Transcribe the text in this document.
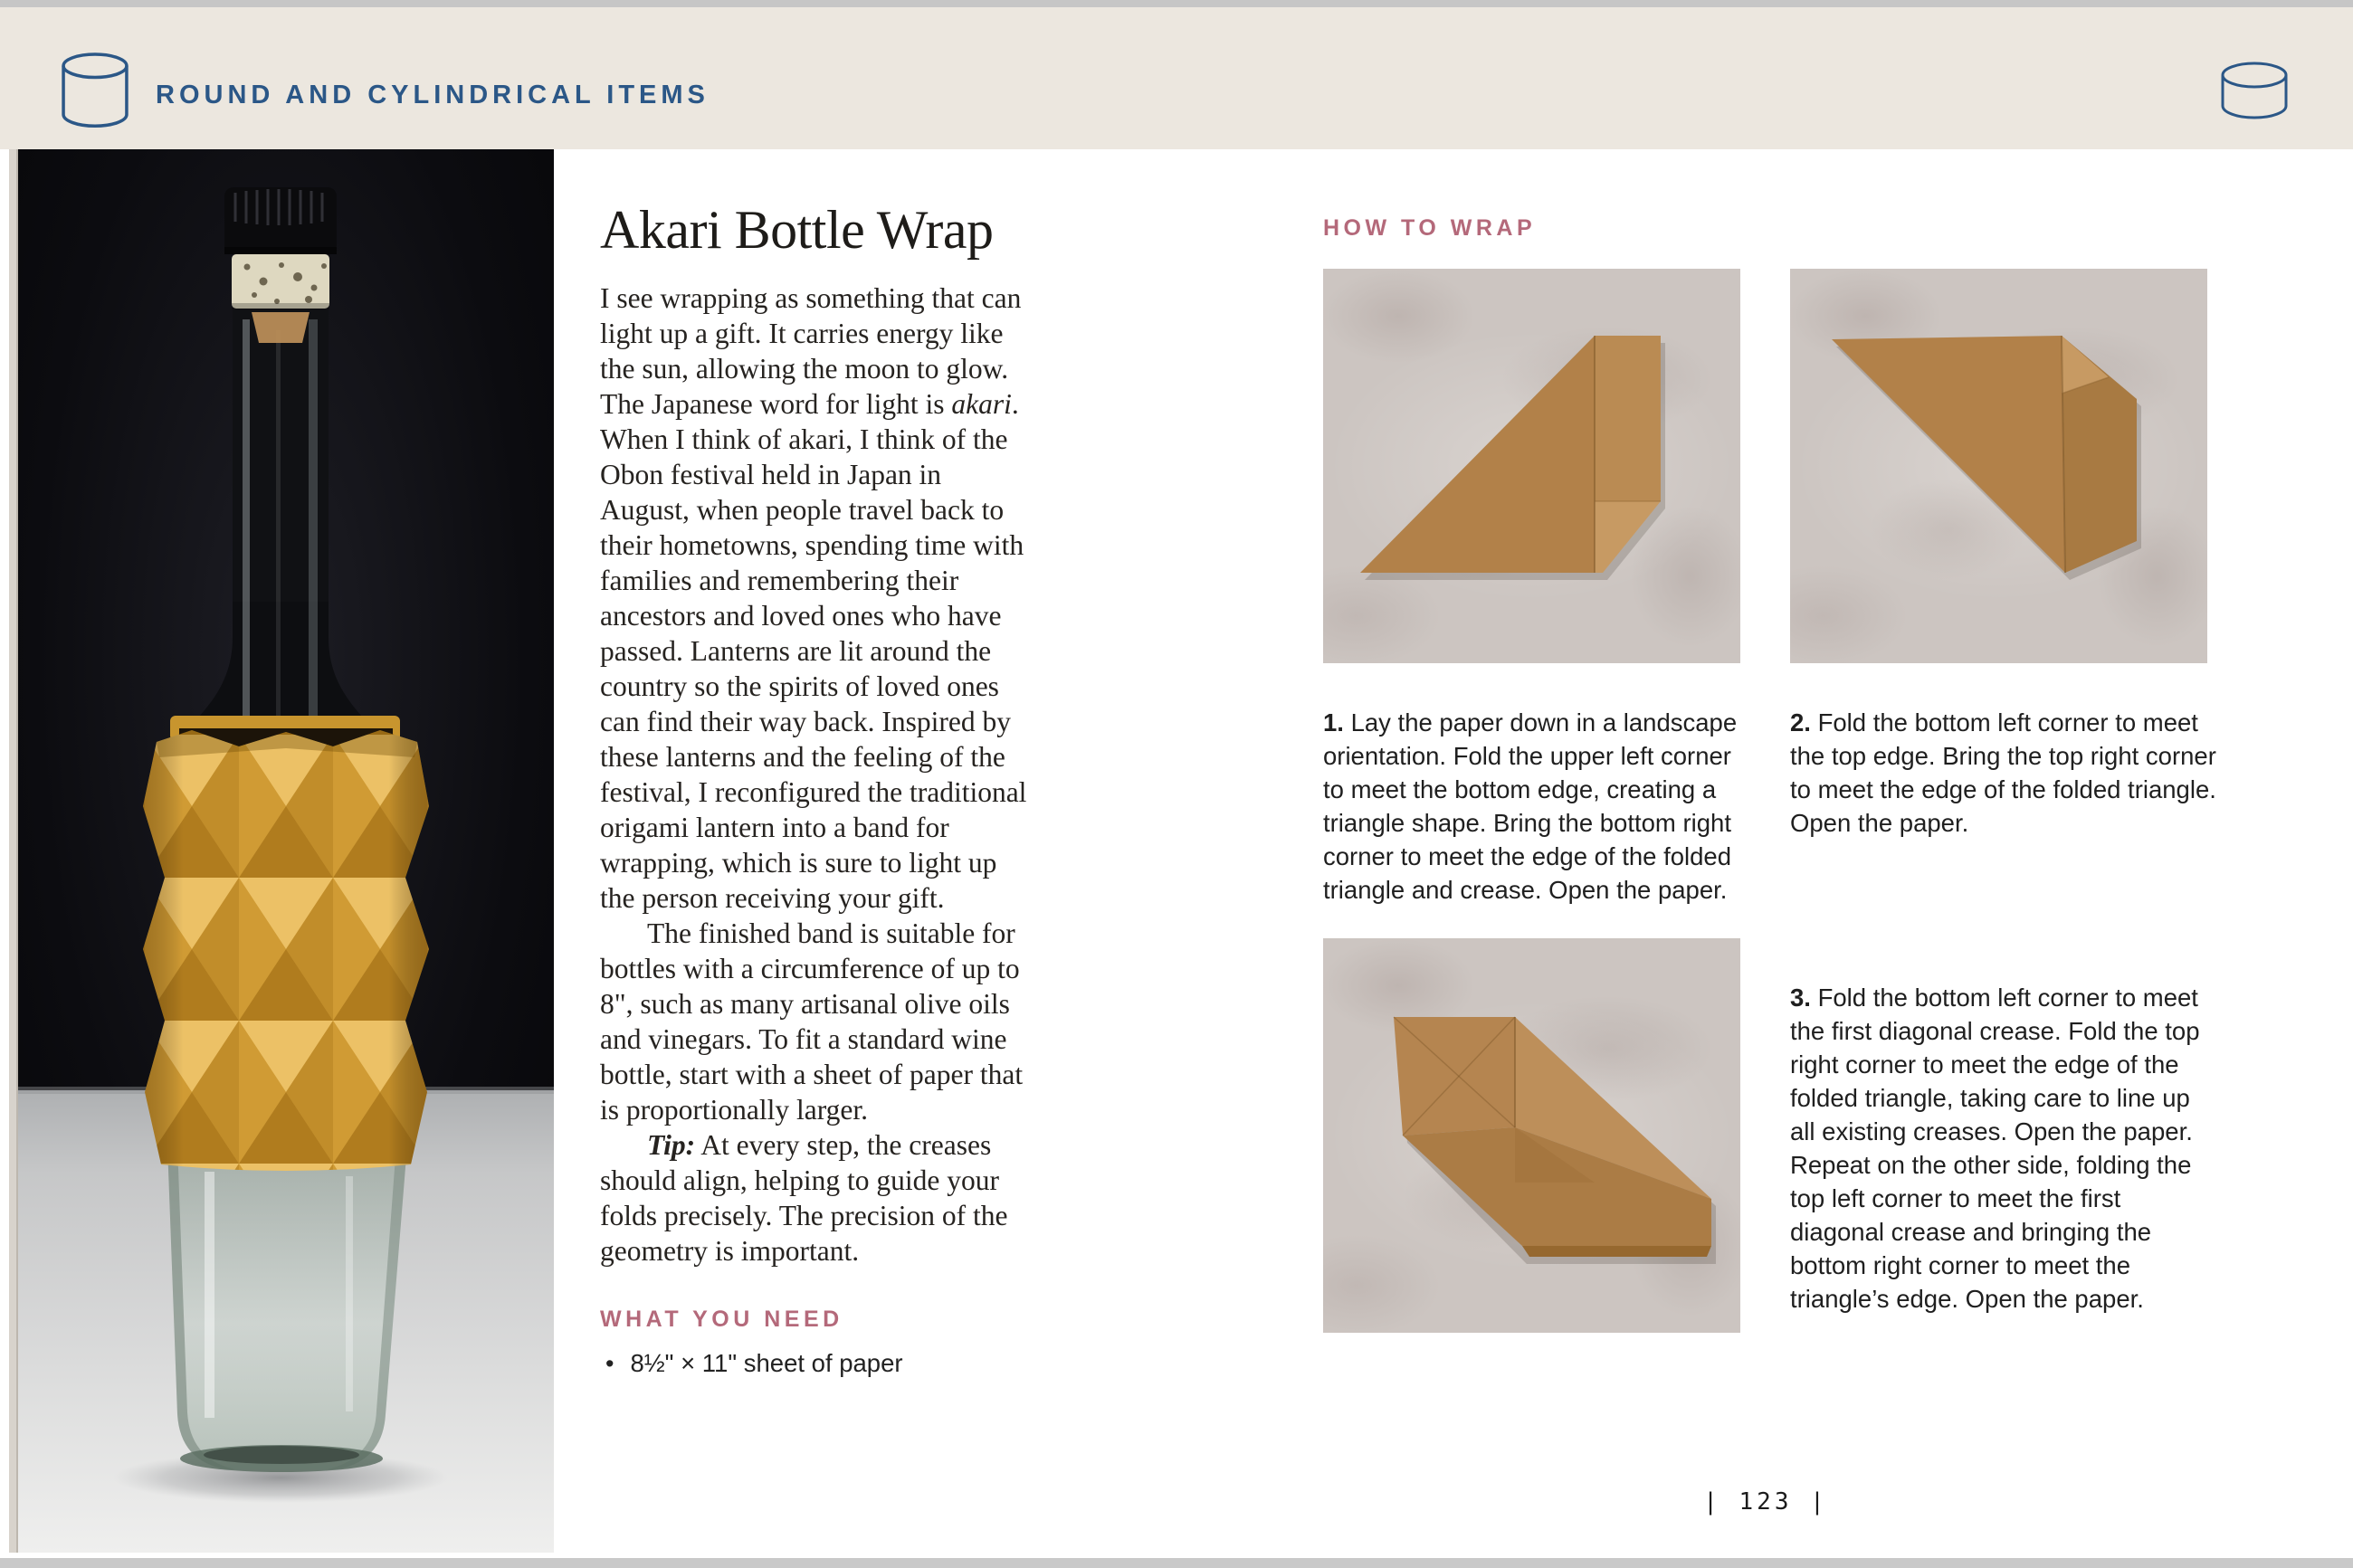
ROUND AND CYLINDRICAL ITEMS
Akari Bottle Wrap

I see wrapping as something that can light up a gift. It carries energy like the sun, allowing the moon to glow. The Japanese word for light is akari. When I think of akari, I think of the Obon festival held in Japan in August, when people travel back to their hometowns, spending time with families and remembering their ancestors and loved ones who have passed. Lanterns are lit around the country so the spirits of loved ones can find their way back. Inspired by these lanterns and the feeling of the festival, I reconfigured the traditional origami lantern into a band for wrapping, which is sure to light up the person receiving your gift.

The finished band is suitable for bottles with a circumference of up to 8", such as many artisanal olive oils and vinegars. To fit a standard wine bottle, start with a sheet of paper that is proportionally larger.

Tip: At every step, the creases should align, helping to guide your folds precisely. The precision of the geometry is important.

WHAT YOU NEED
• 8½" × 11" sheet of paper
HOW TO WRAP

1. Lay the paper down in a landscape orientation. Fold the upper left corner to meet the bottom edge, creating a triangle shape. Bring the bottom right corner to meet the edge of the folded triangle and crease. Open the paper.

2. Fold the bottom left corner to meet the top edge. Bring the top right corner to meet the edge of the folded triangle. Open the paper.

3. Fold the bottom left corner to meet the first diagonal crease. Fold the top right corner to meet the edge of the folded triangle, taking care to line up all existing creases. Open the paper. Repeat on the other side, folding the top left corner to meet the first diagonal crease and bringing the bottom right corner to meet the triangle’s edge. Open the paper.

| 123 |
